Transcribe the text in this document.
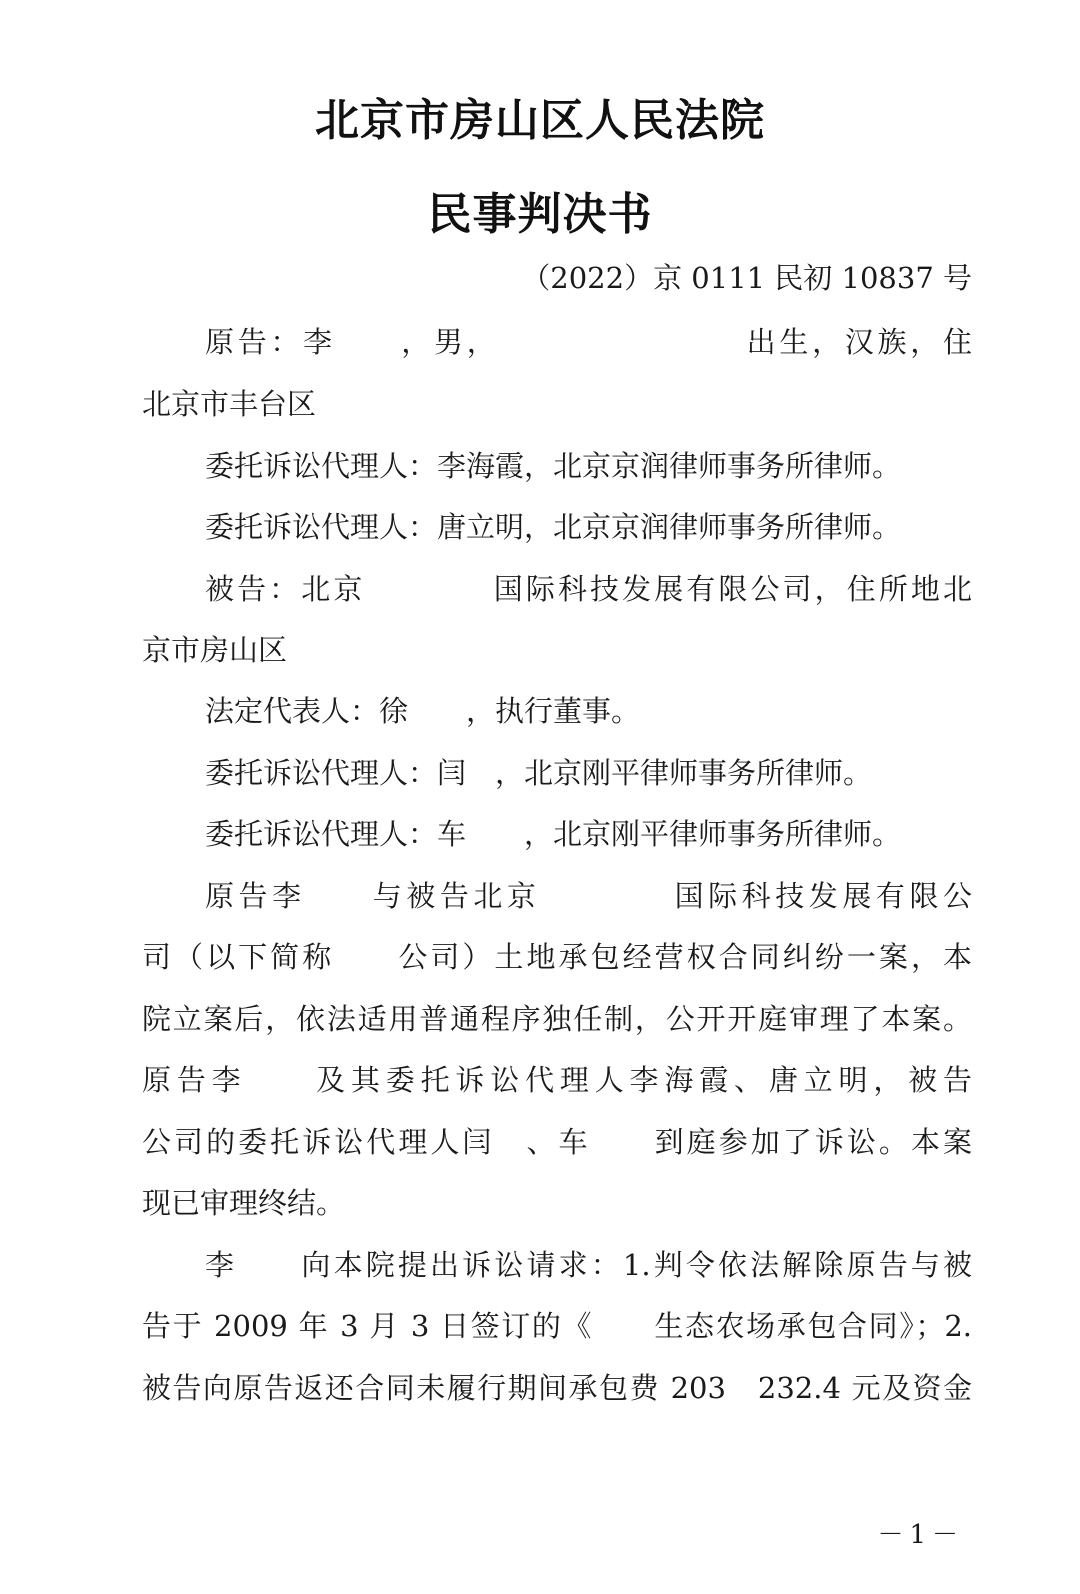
北京市房山区人民法院
民事判决书
（2022）京 0111 民初 10837 号
原告：李　　，男，　　　　　　　　出生，汉族，住
北京市丰台区
委托诉讼代理人：李海霞，北京京润律师事务所律师。
委托诉讼代理人：唐立明，北京京润律师事务所律师。
被告：北京　　　　国际科技发展有限公司，住所地北
京市房山区
法定代表人：徐　　，执行董事。
委托诉讼代理人：闫　，北京刚平律师事务所律师。
委托诉讼代理人：车　　，北京刚平律师事务所律师。
原告李　　与被告北京　　　　国际科技发展有限公
司（以下简称　　公司）土地承包经营权合同纠纷一案，本
院立案后，依法适用普通程序独任制，公开开庭审理了本案。
原告李　　及其委托诉讼代理人李海霞、唐立明，被告
公司的委托诉讼代理人闫　、车　　到庭参加了诉讼。本案
现已审理终结。
李　　向本院提出诉讼请求：1.判令依法解除原告与被
告于 2009 年 3 月 3 日签订的《　　生态农场承包合同》；2.
被告向原告返还合同未履行期间承包费 203　232.4 元及资金
－1－
